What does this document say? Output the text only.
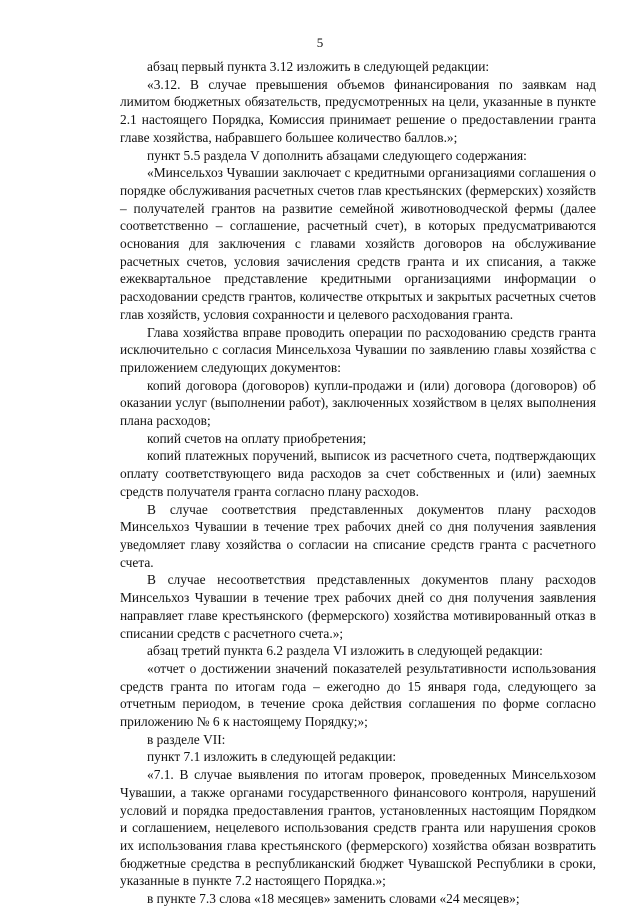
5

абзац первый пункта 3.12 изложить в следующей редакции:

«3.12. В случае превышения объемов финансирования по заявкам над лимитом бюджетных обязательств, предусмотренных на цели, указанные в пункте 2.1 настоящего Порядка, Комиссия принимает решение о предоставлении гранта главе хозяйства, набравшего большее количество баллов.»;

пункт 5.5 раздела V дополнить абзацами следующего содержания:

«Минсельхоз Чувашии заключает с кредитными организациями соглашения о порядке обслуживания расчетных счетов глав крестьянских (фермерских) хозяйств – получателей грантов на развитие семейной животноводческой фермы (далее соответственно – соглашение, расчетный счет), в которых предусматриваются основания для заключения с главами хозяйств договоров на обслуживание расчетных счетов, условия зачисления средств гранта и их списания, а также ежеквартальное представление кредитными организациями информации о расходовании средств грантов, количестве открытых и закрытых расчетных счетов глав хозяйств, условия сохранности и целевого расходования гранта.

Глава хозяйства вправе проводить операции по расходованию средств гранта исключительно с согласия Минсельхоза Чувашии по заявлению главы хозяйства с приложением следующих документов:

копий договора (договоров) купли-продажи и (или) договора (договоров) об оказании услуг (выполнении работ), заключенных хозяйством в целях выполнения плана расходов;

копий счетов на оплату приобретения;

копий платежных поручений, выписок из расчетного счета, подтверждающих оплату соответствующего вида расходов за счет собственных и (или) заемных средств получателя гранта согласно плану расходов.

В случае соответствия представленных документов плану расходов Минсельхоз Чувашии в течение трех рабочих дней со дня получения заявления уведомляет главу хозяйства о согласии на списание средств гранта с расчетного счета.

В случае несоответствия представленных документов плану расходов Минсельхоз Чувашии в течение трех рабочих дней со дня получения заявления направляет главе крестьянского (фермерского) хозяйства мотивированный отказ в списании средств с расчетного счета.»;

абзац третий пункта 6.2 раздела VI изложить в следующей редакции:

«отчет о достижении значений показателей результативности использования средств гранта по итогам года – ежегодно до 15 января года, следующего за отчетным периодом, в течение срока действия соглашения по форме согласно приложению № 6 к настоящему Порядку;»;

в разделе VII:

пункт 7.1 изложить в следующей редакции:

«7.1. В случае выявления по итогам проверок, проведенных Минсельхозом Чувашии, а также органами государственного финансового контроля, нарушений условий и порядка предоставления грантов, установленных настоящим Порядком и соглашением, нецелевого использования средств гранта или нарушения сроков их использования глава крестьянского (фермерского) хозяйства обязан возвратить бюджетные средства в республиканский бюджет Чувашской Республики в сроки, указанные в пункте 7.2 настоящего Порядка.»;

в пункте 7.3 слова «18 месяцев» заменить словами «24 месяцев»;
